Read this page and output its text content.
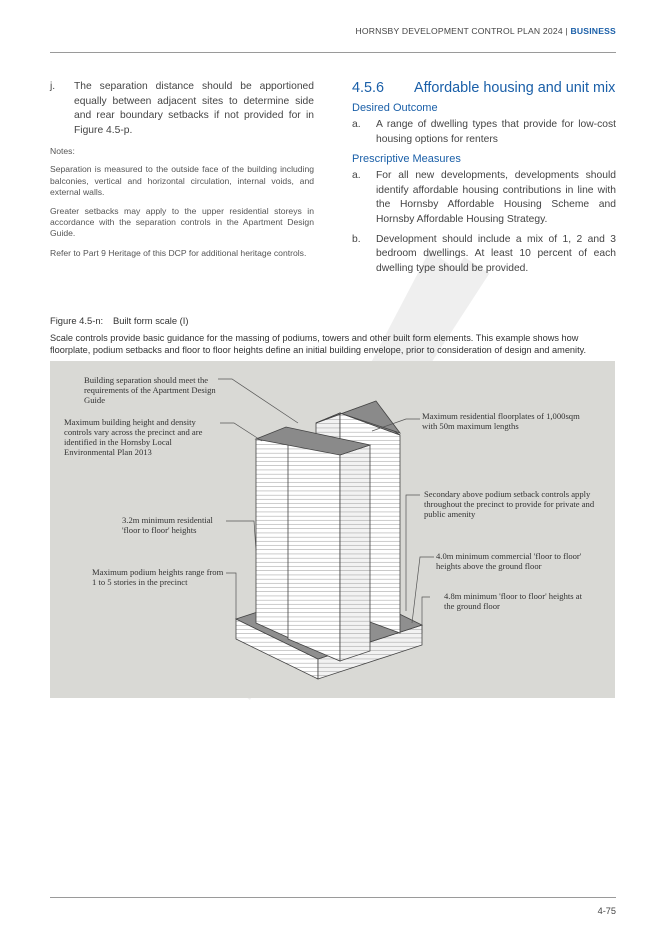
HORNSBY DEVELOPMENT CONTROL PLAN 2024 | BUSINESS
j.	The separation distance should be apportioned equally between adjacent sites to determine side and rear boundary setbacks if not provided for in Figure 4.5-p.
Notes:
Separation is measured to the outside face of the building including balconies, vertical and horizontal circulation, internal voids, and external walls.
Greater setbacks may apply to the upper residential storeys in accordance with the separation controls in the Apartment Design Guide.
Refer to Part 9 Heritage of this DCP for additional heritage controls.
4.5.6	Affordable housing and unit mix
Desired Outcome
a.	A range of dwelling types that provide for low-cost housing options for renters
Prescriptive Measures
a.	For all new developments, developments should identify affordable housing contributions in line with the Hornsby Affordable Housing Scheme and Hornsby Affordable Housing Strategy.
b.	Development should include a mix of 1, 2 and 3 bedroom dwellings. At least 10 percent of each dwelling type should be provided.
Figure 4.5-n: Built form scale (I)
Scale controls provide basic guidance for the massing of podiums, towers and other built form elements. This example shows how floorplate, podium setbacks and floor to floor heights define an initial building envelope, prior to consideration of design and amenity.
Building separation should meet the requirements of the Apartment Design Guide
Maximum building height and density controls vary across the precinct and are identified in the Hornsby Local Environmental Plan 2013
3.2m minimum residential 'floor to floor' heights
Maximum podium heights range from 1 to 5 stories in the precinct
Maximum residential floorplates of 1,000sqm with 50m maximum lengths
Secondary above podium setback controls apply throughout the precinct to provide for private and public amenity
4.0m minimum commercial 'floor to floor' heights above the ground floor
4.8m minimum 'floor to floor' heights at the ground floor
4-75
